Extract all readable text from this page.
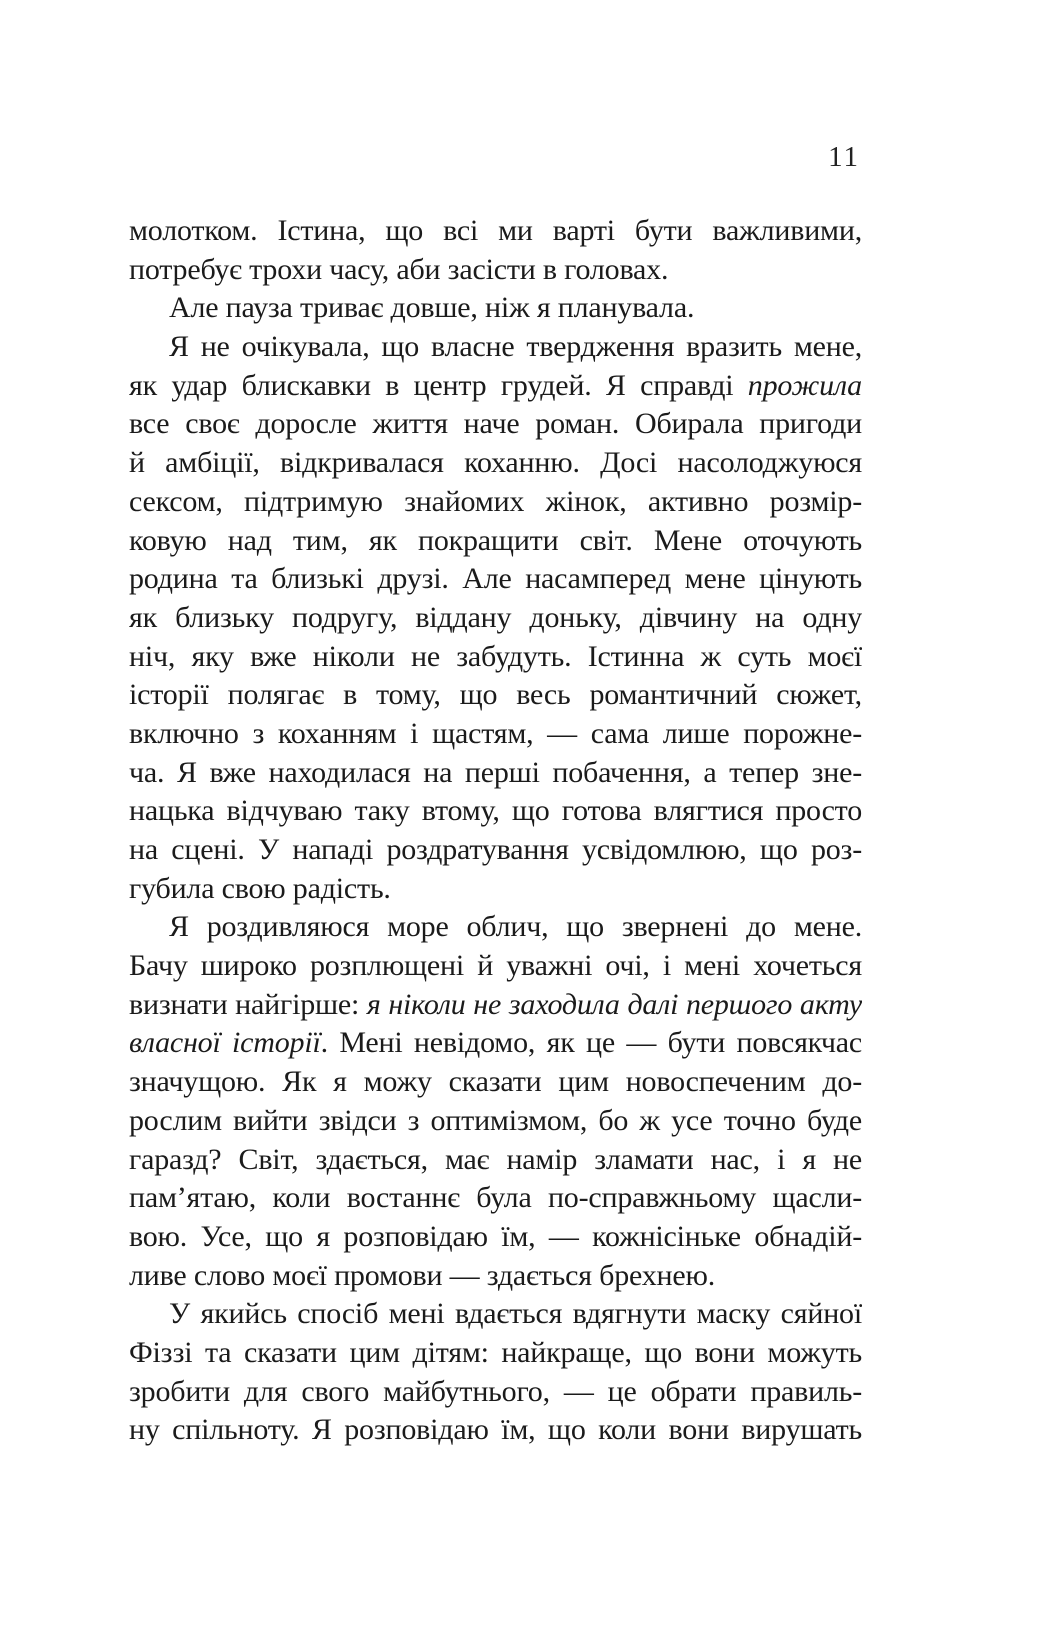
11
молотком. Істина, що всі ми варті бути важливими,
потребує трохи часу, аби засісти в головах.
Але пауза триває довше, ніж я планувала.
Я не очікувала, що власне твердження вразить мене,
як удар блискавки в центр грудей. Я справді прожила
все своє доросле життя наче роман. Обирала пригоди
й амбіції, відкривалася коханню. Досі насолоджуюся
сексом, підтримую знайомих жінок, активно розмір-
ковую над тим, як покращити світ. Мене оточують
родина та близькі друзі. Але насамперед мене цінують
як близьку подругу, віддану доньку, дівчину на одну
ніч, яку вже ніколи не забудуть. Істинна ж суть моєї
історії полягає в тому, що весь романтичний сюжет,
включно з коханням і щастям, — сама лише порожне-
ча. Я вже находилася на перші побачення, а тепер зне-
нацька відчуваю таку втому, що готова влягтися просто
на сцені. У нападі роздратування усвідомлюю, що роз-
губила свою радість.
Я роздивляюся море облич, що звернені до мене.
Бачу широко розплющені й уважні очі, і мені хочеться
визнати найгірше: я ніколи не заходила далі першого акту
власної історії. Мені невідомо, як це — бути повсякчас
значущою. Як я можу сказати цим новоспеченим до-
рослим вийти звідси з оптимізмом, бо ж усе точно буде
гаразд? Світ, здається, має намір зламати нас, і я не
пам’ятаю, коли востаннє була по-справжньому щасли-
вою. Усе, що я розповідаю їм, — кожнісіньке обнадій-
ливе слово моєї промови — здається брехнею.
У якийсь спосіб мені вдається вдягнути маску сяйної
Фіззі та сказати цим дітям: найкраще, що вони можуть
зробити для свого майбутнього, — це обрати правиль-
ну спільноту. Я розповідаю їм, що коли вони вирушать
